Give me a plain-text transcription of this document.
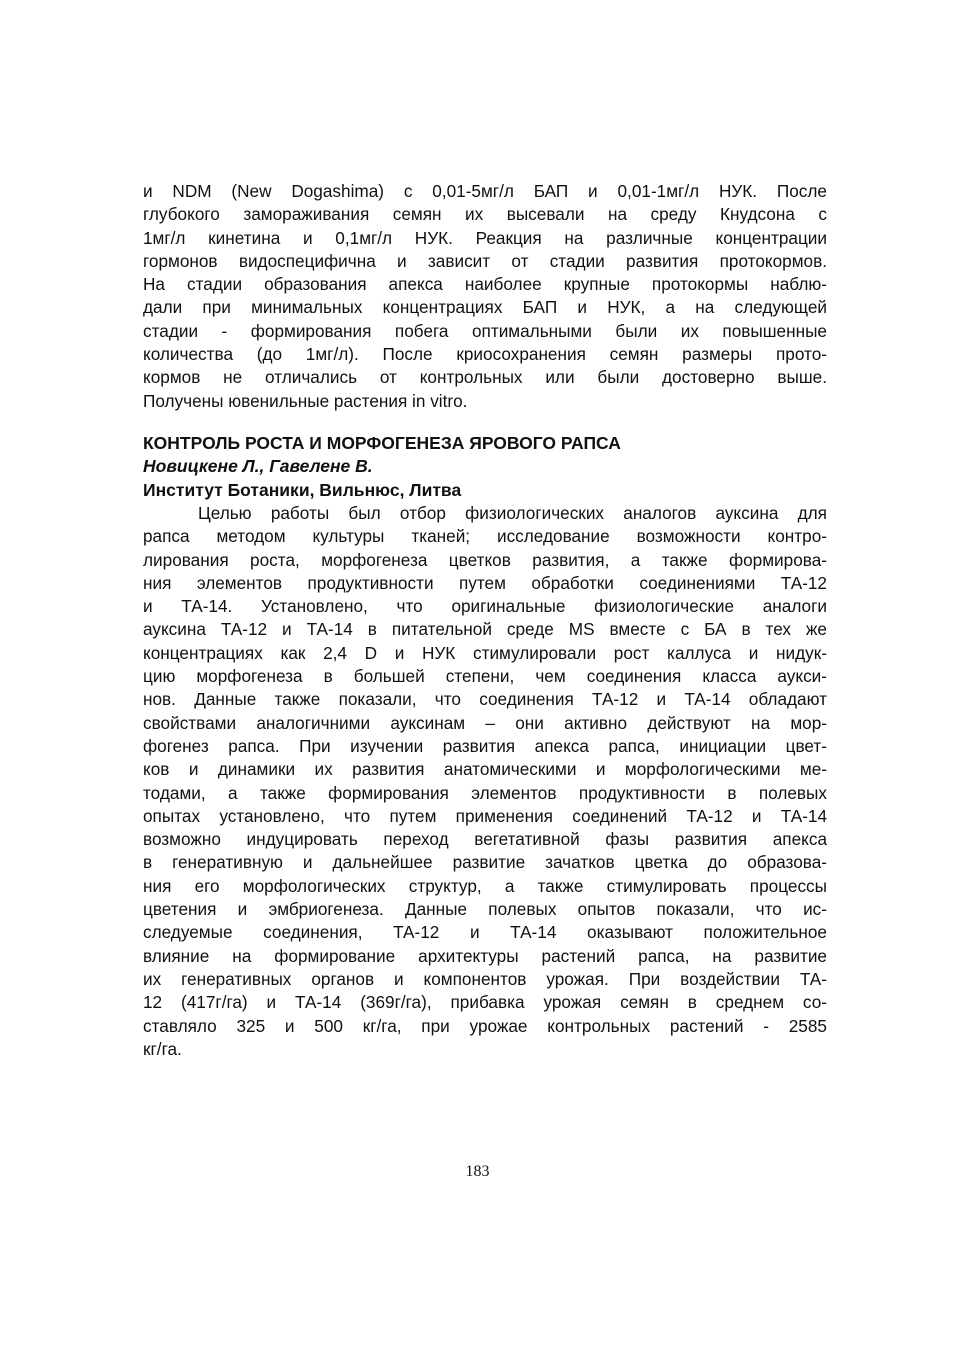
и NDM (New Dogashima) с 0,01-5мг/л БАП и 0,01-1мг/л НУК. После
глубокого замораживания семян их высевали на среду Кнудсона с
1мг/л кинетина и 0,1мг/л НУК. Реакция на различные концентрации
гормонов видоспецифична и зависит от стадии развития протокормов.
На стадии образования апекса наиболее крупные протокормы наблю-
дали при минимальных концентрациях БАП и НУК, а на следующей
стадии - формирования побега оптимальными были их повышенные
количества (до 1мг/л). После криосохранения семян размеры прото-
кормов не отличались от контрольных или были достоверно выше.
Получены ювенильные растения in vitro.
КОНТРОЛЬ РОСТА И МОРФОГЕНЕЗА ЯРОВОГО РАПСА
Новицкене Л., Гавелене В.
Институт Ботаники, Вильнюс, Литва
Целью работы был отбор физиологических аналогов ауксина для
рапса методом культуры тканей; исследование возможности контро-
лирования роста, морфогенеза цветков развития, а также формирова-
ния элементов продуктивности путем обработки соединениями ТА-12
и ТА-14. Установлено, что оригинальные физиологические аналоги
ауксина ТА-12 и ТА-14 в питательной среде MS вместе с БА в тех же
концентрациях как 2,4 D и НУК стимулировали рост каллуса и нидук-
цию морфогенеза в большей степени, чем соединения класса аукси-
нов. Данные также показали, что соединения ТА-12 и ТА-14 обладают
свойствами аналогичними ауксинам – они активно действуют на мор-
фогенез рапса. При изучении развития апекса рапса, инициации цвет-
ков и динамики их развития анатомическими и морфологическими ме-
тодами, а также формирования элементов продуктивности в полевых
опытах установлено, что путем применения соединений ТА-12 и ТА-14
возможно индуцировать переход вегетативной фазы развития апекса
в генеративную и дальнейшее развитие зачатков цветка до образова-
ния его морфологических структур, а также стимулировать процессы
цветения и эмбриогенеза. Данные полевых опытов показали, что ис-
следуемые соединения, ТА-12 и ТА-14 оказывают положительное
влияние на формирование архитектуры растений рапса, на развитие
их генеративных органов и компонентов урожая. При воздействии ТА-
12 (417г/га) и ТА-14 (369г/га), прибавка урожая семян в среднем со-
ставляло 325 и 500 кг/га, при урожае контрольных растений - 2585
кг/га.
183
